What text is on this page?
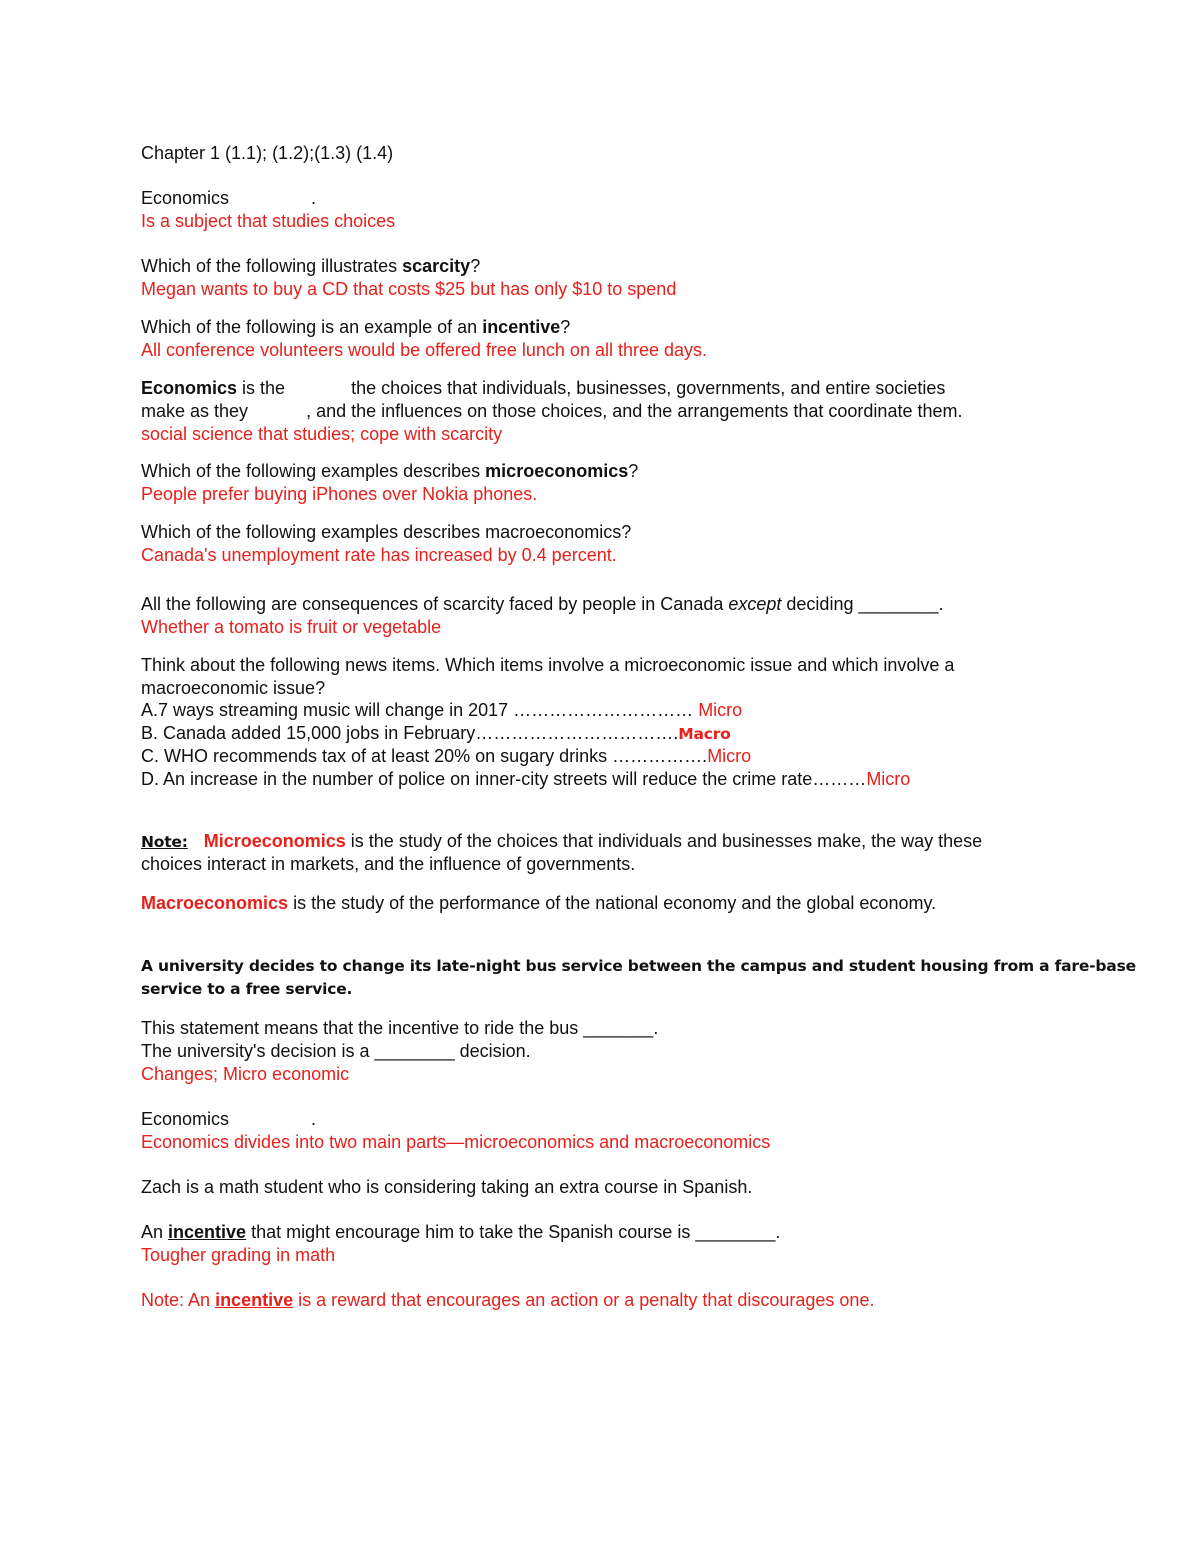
Chapter 1 (1.1); (1.2);(1.3) (1.4)
Economics	.
Is a subject that studies choices
Which of the following illustrates scarcity?
Megan wants to buy a CD that costs $25 but has only $10 to spend
Which of the following is an example of an incentive?
All conference volunteers would be offered free lunch on all three days.
Economics is the	the choices that individuals, businesses, governments, and entire societies
make as they	, and the influences on those choices, and the arrangements that coordinate them.
social science that studies; cope with scarcity
Which of the following examples describes microeconomics?
People prefer buying iPhones over Nokia phones.
Which of the following examples describes macroeconomics?
Canada's unemployment rate has increased by 0.4 percent.
All the following are consequences of scarcity faced by people in Canada except deciding ________.
Whether a tomato is fruit or vegetable
Think about the following news items. Which items involve a microeconomic issue and which involve a
macroeconomic issue?
A.7 ways streaming music will change in 2017 ………………………… Micro
B. Canada added 15,000 jobs in February…………………………….Macro
C. WHO recommends tax of at least 20% on sugary drinks …………….Micro
D. An increase in the number of police on inner-city streets will reduce the crime rate………Micro
Note: Microeconomics is the study of the choices that individuals and businesses make, the way these
choices interact in markets, and the influence of governments.
Macroeconomics is the study of the performance of the national economy and the global economy.
A university decides to change its late-night bus service between the campus and student housing from a fare-base
service to a free service.
This statement means that the incentive to ride the bus _______.
The university's decision is a ________ decision.
Changes; Micro economic
Economics	.
Economics divides into two main parts—microeconomics and macroeconomics
Zach is a math student who is considering taking an extra course in Spanish.
An incentive that might encourage him to take the Spanish course is ________.
Tougher grading in math
Note: An incentive is a reward that encourages an action or a penalty that discourages one.
